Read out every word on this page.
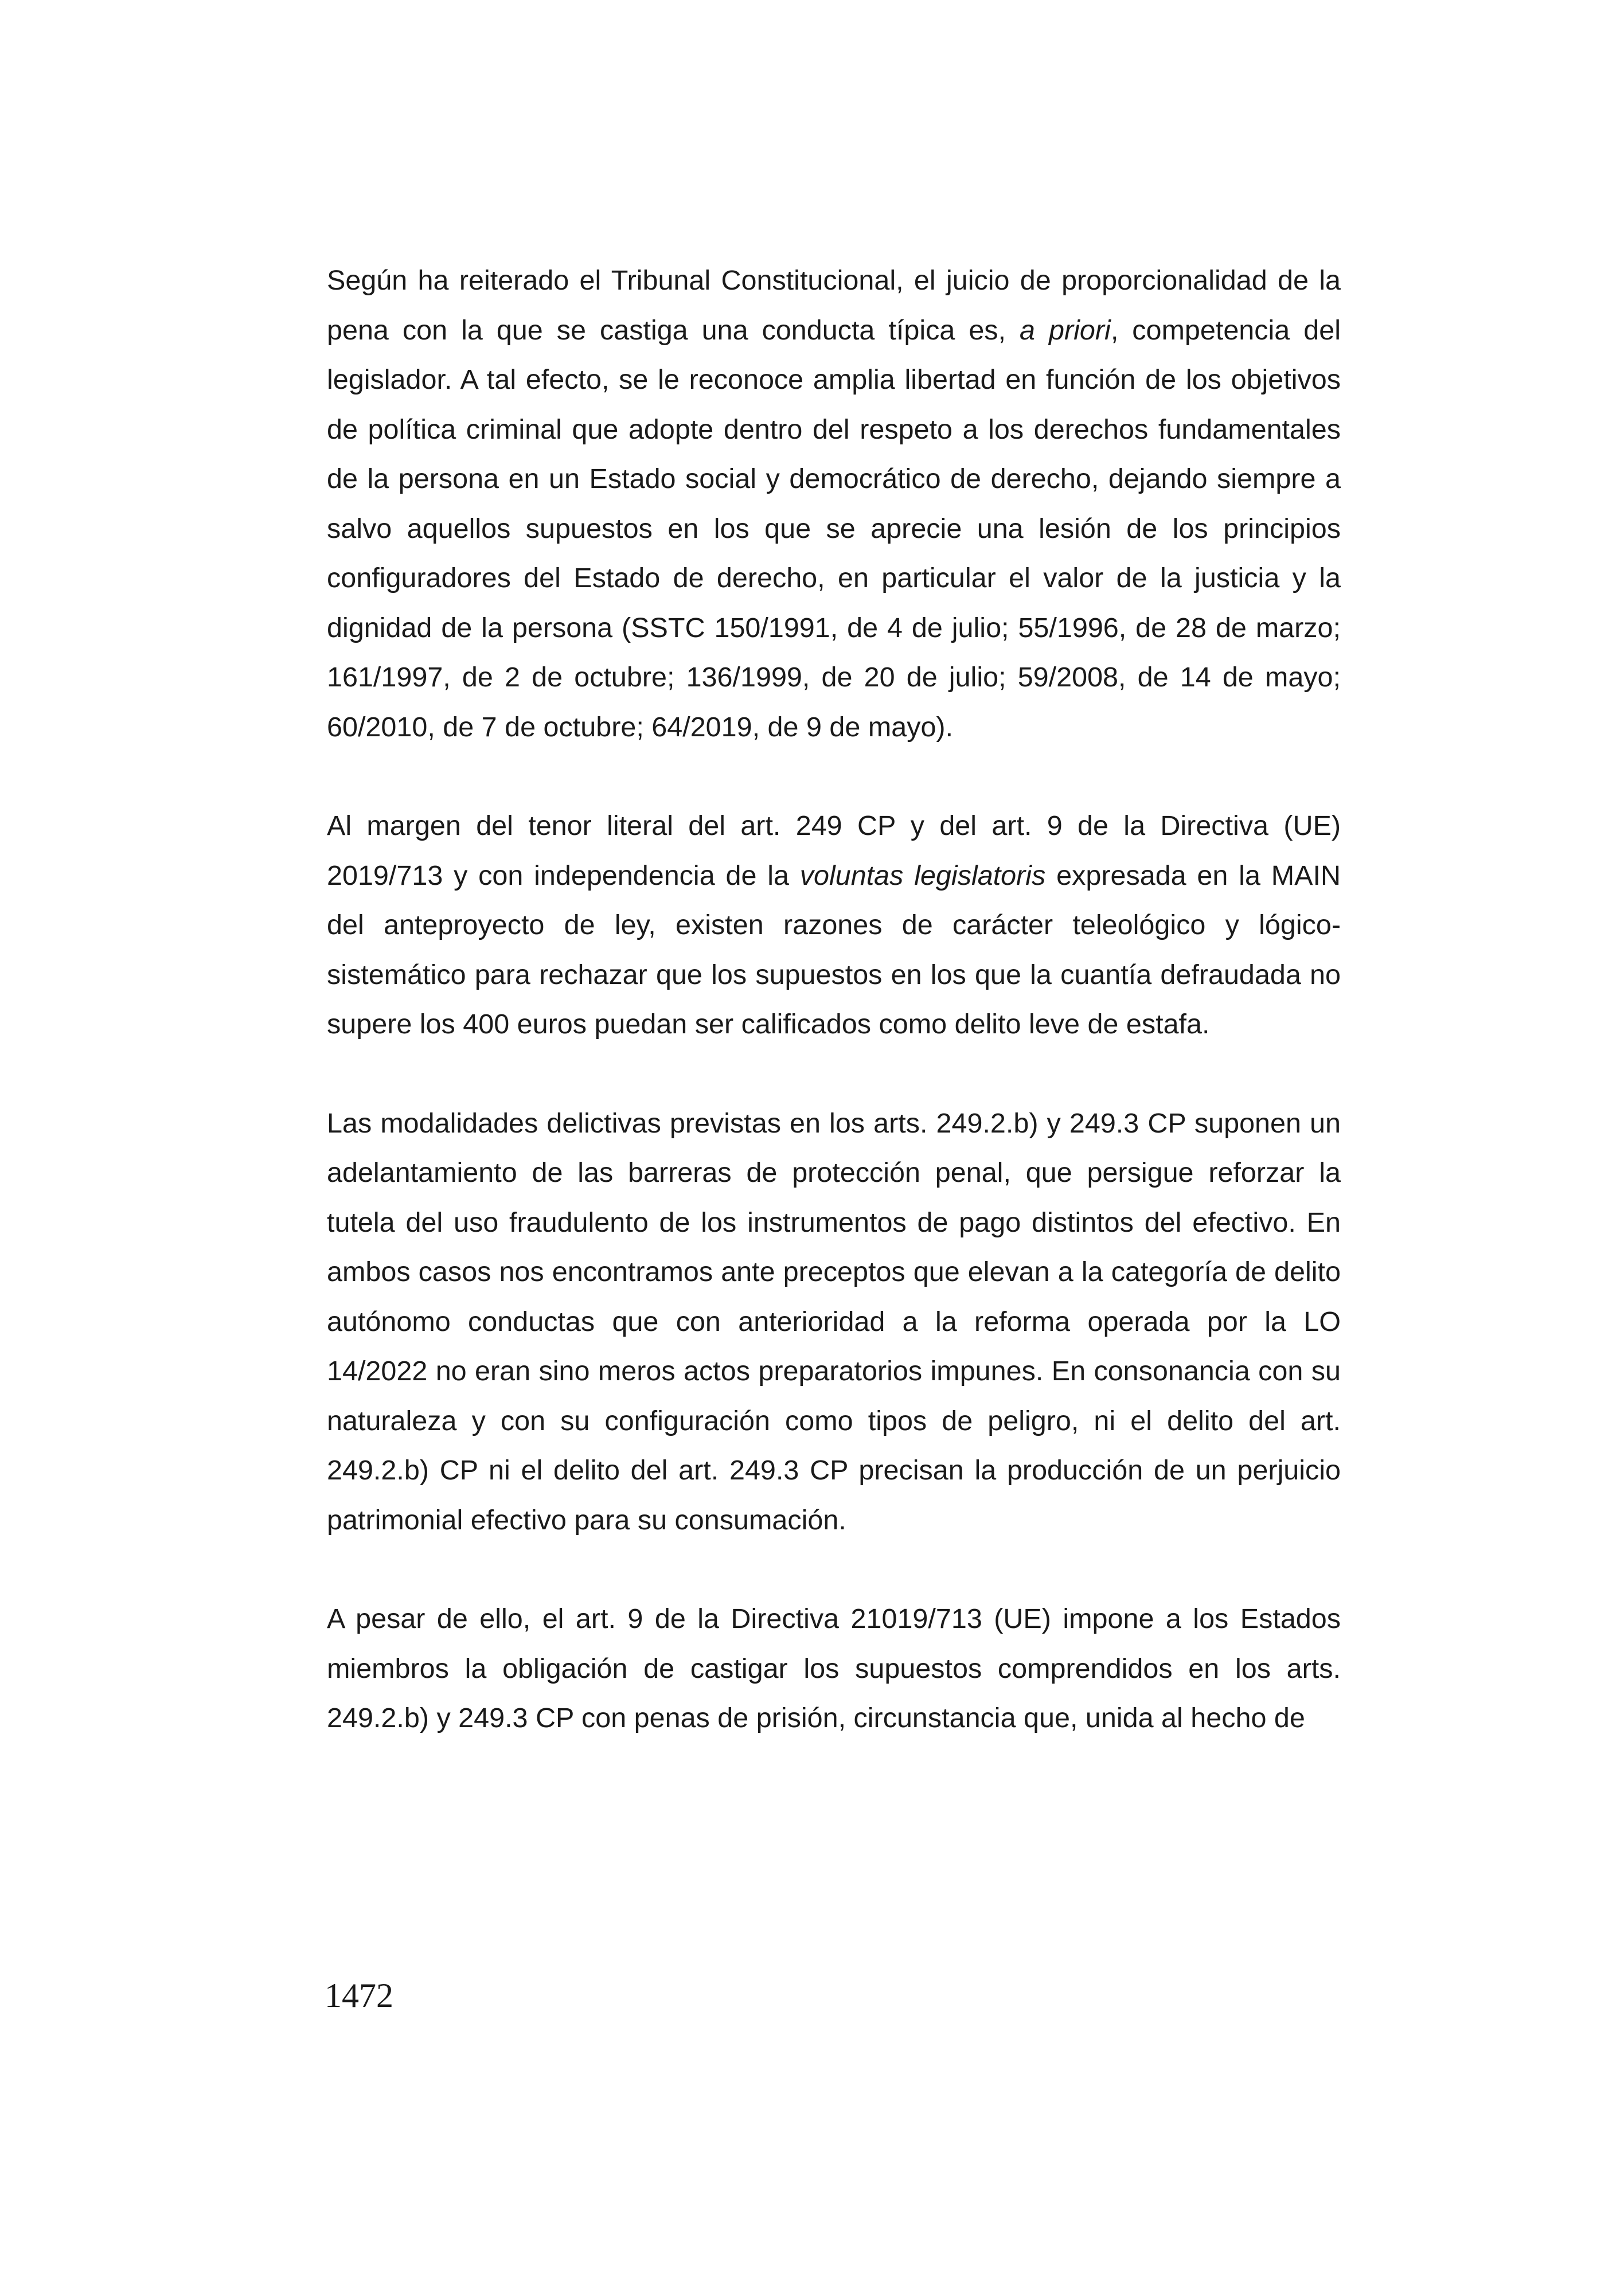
Según ha reiterado el Tribunal Constitucional, el juicio de proporcionalidad de la pena con la que se castiga una conducta típica es, a priori, competencia del legislador. A tal efecto, se le reconoce amplia libertad en función de los objetivos de política criminal que adopte dentro del respeto a los derechos fundamentales de la persona en un Estado social y democrático de derecho, dejando siempre a salvo aquellos supuestos en los que se aprecie una lesión de los principios configuradores del Estado de derecho, en particular el valor de la justicia y la dignidad de la persona (SSTC 150/1991, de 4 de julio; 55/1996, de 28 de marzo; 161/1997, de 2 de octubre; 136/1999, de 20 de julio; 59/2008, de 14 de mayo; 60/2010, de 7 de octubre; 64/2019, de 9 de mayo).

Al margen del tenor literal del art. 249 CP y del art. 9 de la Directiva (UE) 2019/713 y con independencia de la voluntas legislatoris expresada en la MAIN del anteproyecto de ley, existen razones de carácter teleológico y lógico-sistemático para rechazar que los supuestos en los que la cuantía defraudada no supere los 400 euros puedan ser calificados como delito leve de estafa.

Las modalidades delictivas previstas en los arts. 249.2.b) y 249.3 CP suponen un adelantamiento de las barreras de protección penal, que persigue reforzar la tutela del uso fraudulento de los instrumentos de pago distintos del efectivo. En ambos casos nos encontramos ante preceptos que elevan a la categoría de delito autónomo conductas que con anterioridad a la reforma operada por la LO 14/2022 no eran sino meros actos preparatorios impunes. En consonancia con su naturaleza y con su configuración como tipos de peligro, ni el delito del art. 249.2.b) CP ni el delito del art. 249.3 CP precisan la producción de un perjuicio patrimonial efectivo para su consumación.

A pesar de ello, el art. 9 de la Directiva 21019/713 (UE) impone a los Estados miembros la obligación de castigar los supuestos comprendidos en los arts. 249.2.b) y 249.3 CP con penas de prisión, circunstancia que, unida al hecho de

1472
